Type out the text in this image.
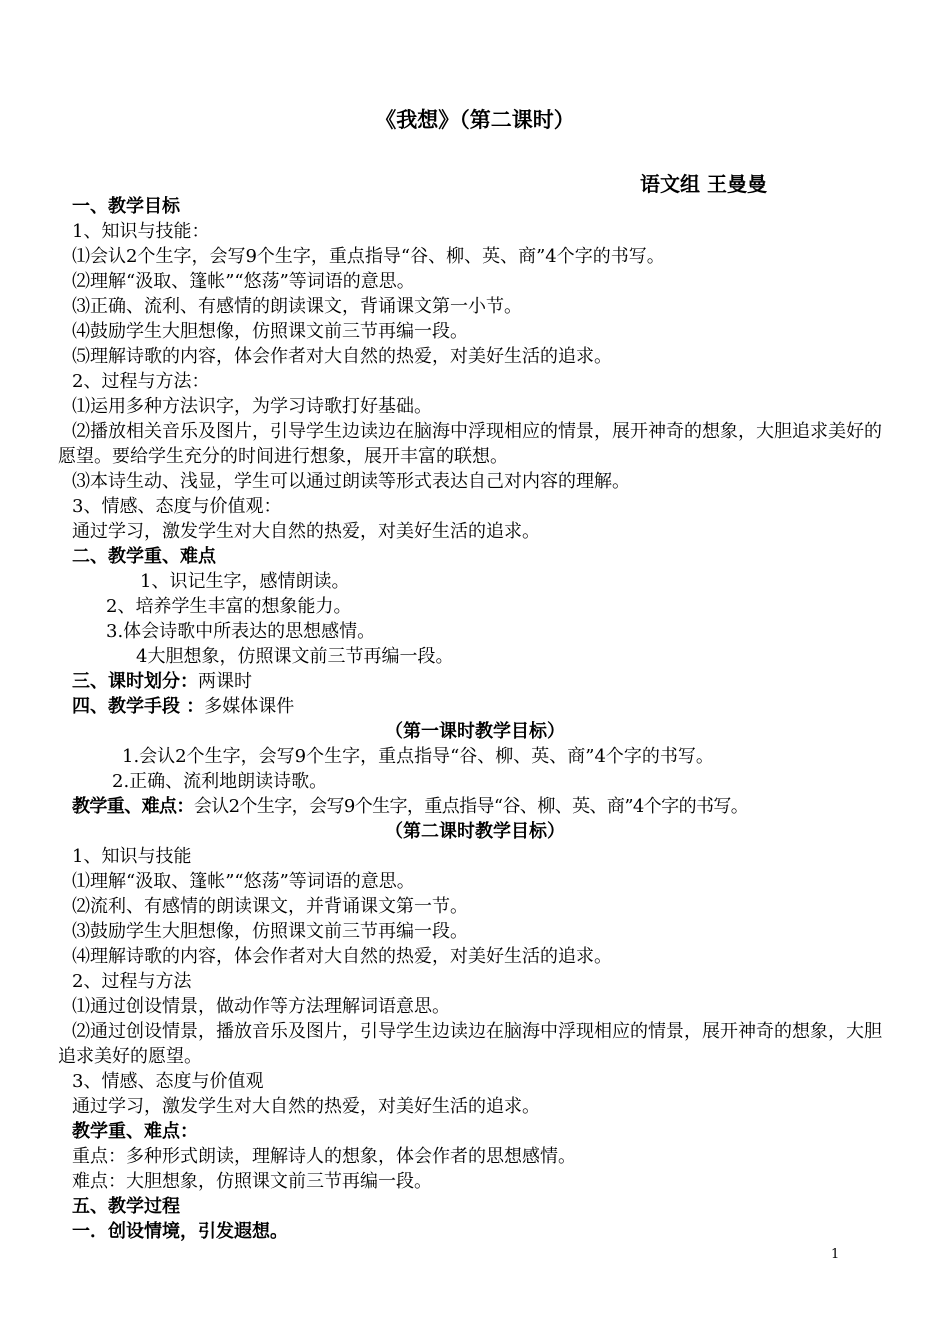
《我想》（第二课时）
语文组 王曼曼
一、教学目标
1、知识与技能：
⑴会认2个生字，会写9个生字，重点指导“谷、柳、英、商”4个字的书写。
⑵理解“汲取、篷帐”“悠荡”等词语的意思。
⑶正确、流利、有感情的朗读课文，背诵课文第一小节。
⑷鼓励学生大胆想像，仿照课文前三节再编一段。
⑸理解诗歌的内容，体会作者对大自然的热爱，对美好生活的追求。
2、过程与方法：
⑴运用多种方法识字，为学习诗歌打好基础。
⑵播放相关音乐及图片，引导学生边读边在脑海中浮现相应的情景，展开神奇的想象，大胆追求美好的愿望。要给学生充分的时间进行想象，展开丰富的联想。
⑶本诗生动、浅显，学生可以通过朗读等形式表达自己对内容的理解。
3、情感、态度与价值观：
通过学习，激发学生对大自然的热爱，对美好生活的追求。
二、教学重、难点
1、识记生字，感情朗读。
2、培养学生丰富的想象能力。
3.体会诗歌中所表达的思想感情。
4大胆想象，仿照课文前三节再编一段。
三、课时划分：两课时
四、教学手段 ：多媒体课件
（第一课时教学目标）
1.会认2个生字，会写9个生字，重点指导“谷、柳、英、商”4个字的书写。
2.正确、流利地朗读诗歌。
教学重、难点：会认2个生字，会写9个生字，重点指导“谷、柳、英、商”4个字的书写。
（第二课时教学目标）
1、知识与技能
⑴理解“汲取、篷帐”“悠荡”等词语的意思。
⑵流利、有感情的朗读课文，并背诵课文第一节。
⑶鼓励学生大胆想像，仿照课文前三节再编一段。
⑷理解诗歌的内容，体会作者对大自然的热爱，对美好生活的追求。
2、过程与方法
⑴通过创设情景，做动作等方法理解词语意思。
⑵通过创设情景，播放音乐及图片，引导学生边读边在脑海中浮现相应的情景，展开神奇的想象，大胆追求美好的愿望。
3、情感、态度与价值观
通过学习，激发学生对大自然的热爱，对美好生活的追求。
教学重、难点：
重点：多种形式朗读，理解诗人的想象，体会作者的思想感情。
难点：大胆想象，仿照课文前三节再编一段。
五、教学过程
一．创设情境，引发遐想。
1
